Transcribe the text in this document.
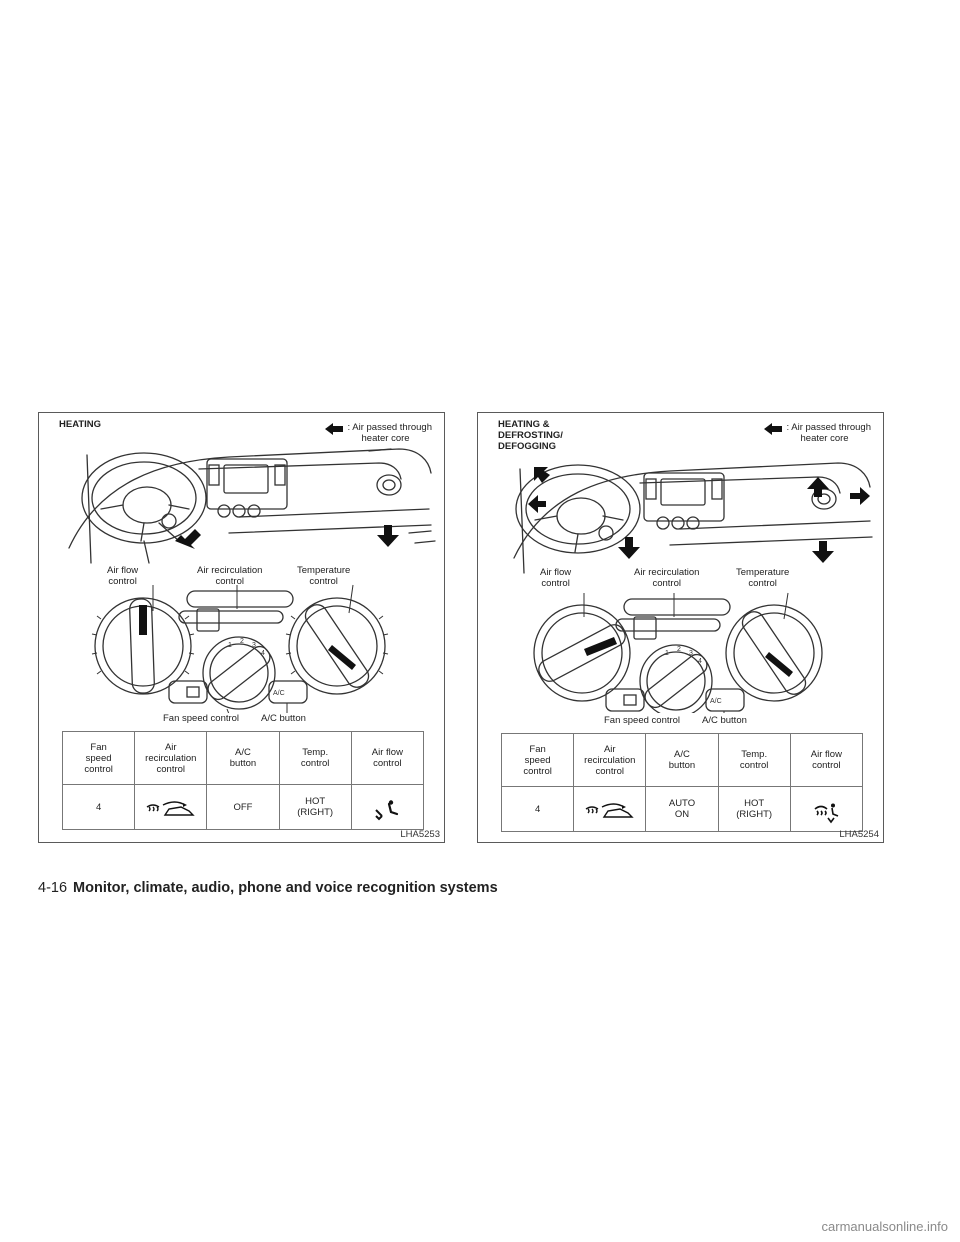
HEATING	: Air passed through
heater core
1
2
3
4
A/C
Air flow
control
Air recirculation
control
Temperature
control
Fan speed control A/C button
Fan
speed
control	Air
recirculation
control	A/C
button	Temp.
control	Air flow
control
4		OFF	HOT
(RIGHT)	

LHA5253
HEATING &
DEFROSTING/
DEFOGGING
: Air passed through
heater core
1
2
3
4
A/C
Air flow
control
Air recirculation
control
Temperature
control
Fan speed control A/C button
Fan
speed
control	Air
recirculation
control	A/C
button	Temp.
control	Air flow
control
4		AUTO
ON	HOT
(RIGHT)	

LHA5254
4-16 Monitor, climate, audio, phone and voice recognition systems
carmanualsonline.info
